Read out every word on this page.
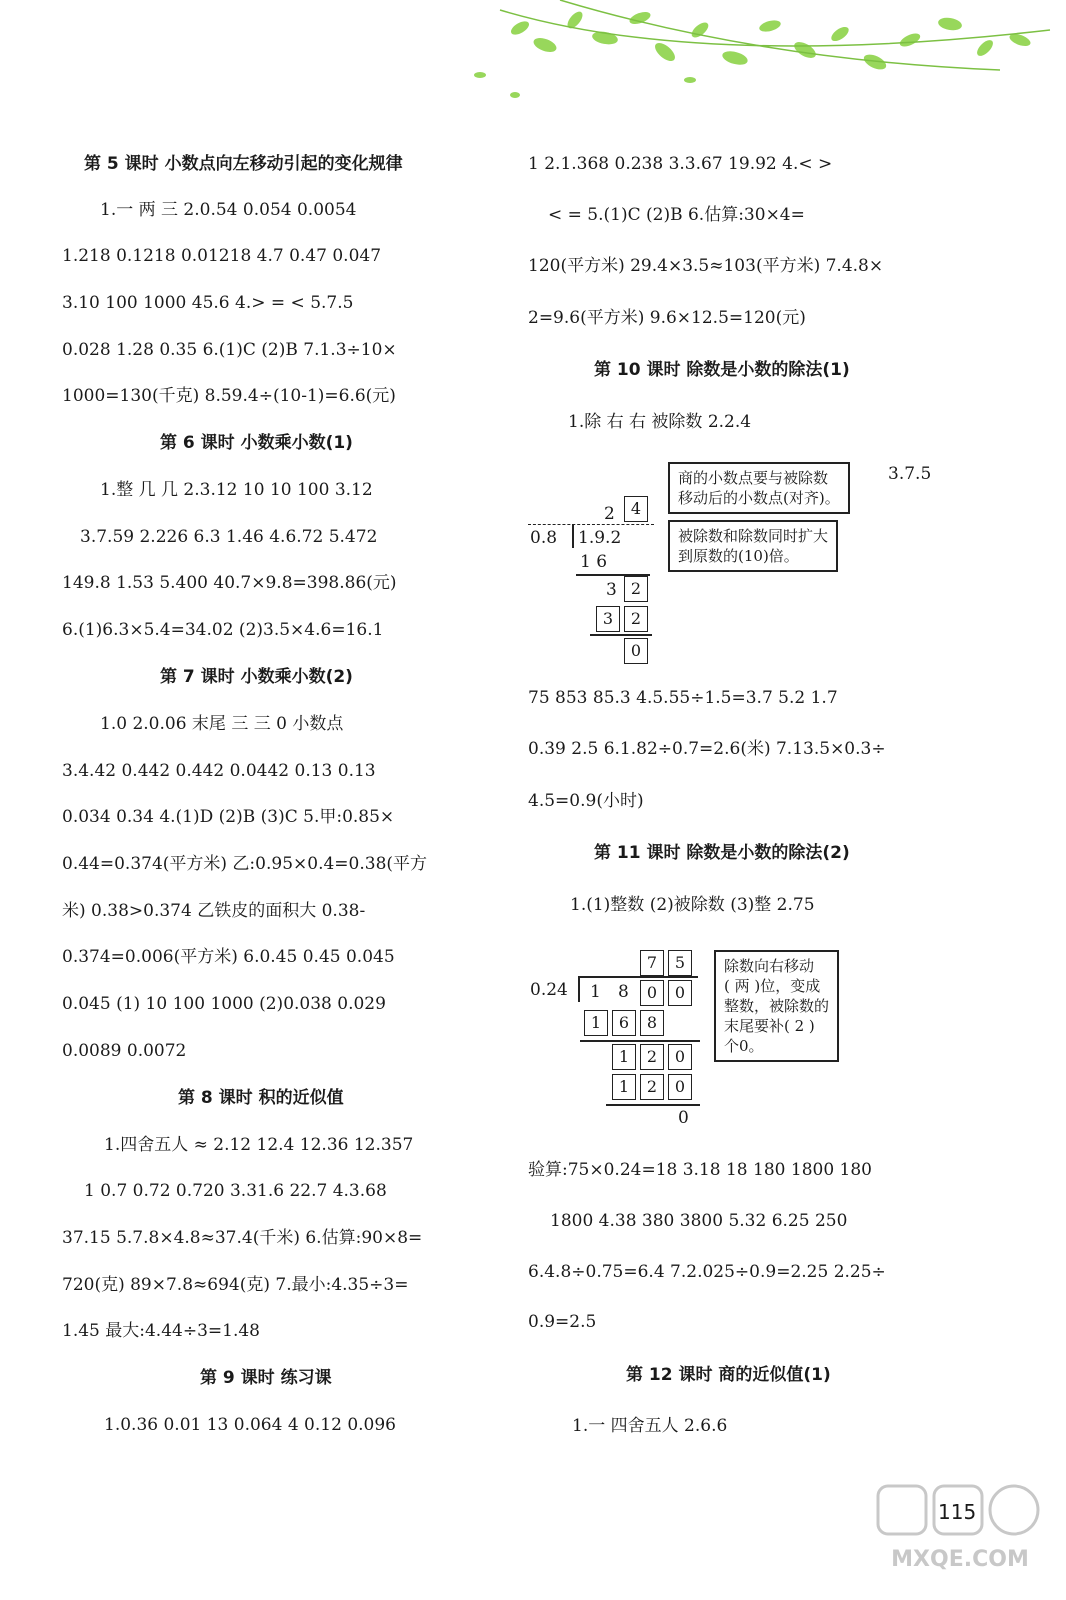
第 5 课时 小数点向左移动引起的变化规律
1.一 两 三 2.0.54 0.054 0.0054
1.218 0.1218 0.01218 4.7 0.47 0.047
3.10 100 1000 45.6 4.> = < 5.7.5
0.028 1.28 0.35 6.(1)C (2)B 7.1.3÷10×
1000=130(千克) 8.59.4÷(10-1)=6.6(元)
第 6 课时 小数乘小数(1)
1.整 几 几 2.3.12 10 10 100 3.12
3.7.59 2.226 6.3 1.46 4.6.72 5.472
149.8 1.53 5.400 40.7×9.8=398.86(元)
6.(1)6.3×5.4=34.02 (2)3.5×4.6=16.1
第 7 课时 小数乘小数(2)
1.0 2.0.06 末尾 三 三 0 小数点
3.4.42 0.442 0.442 0.0442 0.13 0.13
0.034 0.34 4.(1)D (2)B (3)C 5.甲:0.85×
0.44=0.374(平方米) 乙:0.95×0.4=0.38(平方
米) 0.38>0.374 乙铁皮的面积大 0.38-
0.374=0.006(平方米) 6.0.45 0.45 0.045
0.045 (1) 10 100 1000 (2)0.038 0.029
0.0089 0.0072
第 8 课时 积的近似值
1.四舍五人 ≈ 2.12 12.4 12.36 12.357
1 0.7 0.72 0.720 3.31.6 22.7 4.3.68
37.15 5.7.8×4.8≈37.4(千米) 6.估算:90×8=
720(克) 89×7.8≈694(克) 7.最小:4.35÷3=
1.45 最大:4.44÷3=1.48
第 9 课时 练习课
1.0.36 0.01 13 0.064 4 0.12 0.096
1 2.1.368 0.238 3.3.67 19.92 4.< >
< = 5.(1)C (2)B 6.估算:30×4=
120(平方米) 29.4×3.5≈103(平方米) 7.4.8×
2=9.6(平方米) 9.6×12.5=120(元)
第 10 课时 除数是小数的除法(1)
1.除 右 右 被除数 2.2.4
3.7.5
商的小数点要与被除数
移动后的小数点(对齐)。
被除数和除数同时扩大
到原数的(10)倍。
2	4
0.8 1.9.2
1 6
3 2
3	2
0
75 853 85.3 4.5.55÷1.5=3.7 5.2 1.7
0.39 2.5 6.1.82÷0.7=2.6(米) 7.13.5×0.3÷
4.5=0.9(小时)
第 11 课时 除数是小数的除法(2)
1.(1)整数 (2)被除数 (3)整 2.75
除数向右移动
( 两 )位，变成
整数，被除数的
末尾要补( 2 )
个0。
7	5
0.24 1 8	0	0
1	6	8
1	2	0
1	2	0
0
验算:75×0.24=18 3.18 18 180 1800 180
1800 4.38 380 3800 5.32 6.25 250
6.4.8÷0.75=6.4 7.2.025÷0.9=2.25 2.25÷
0.9=2.5
第 12 课时 商的近似值(1)
1.一 四舍五人 2.6.6
MXQE.COM
115
